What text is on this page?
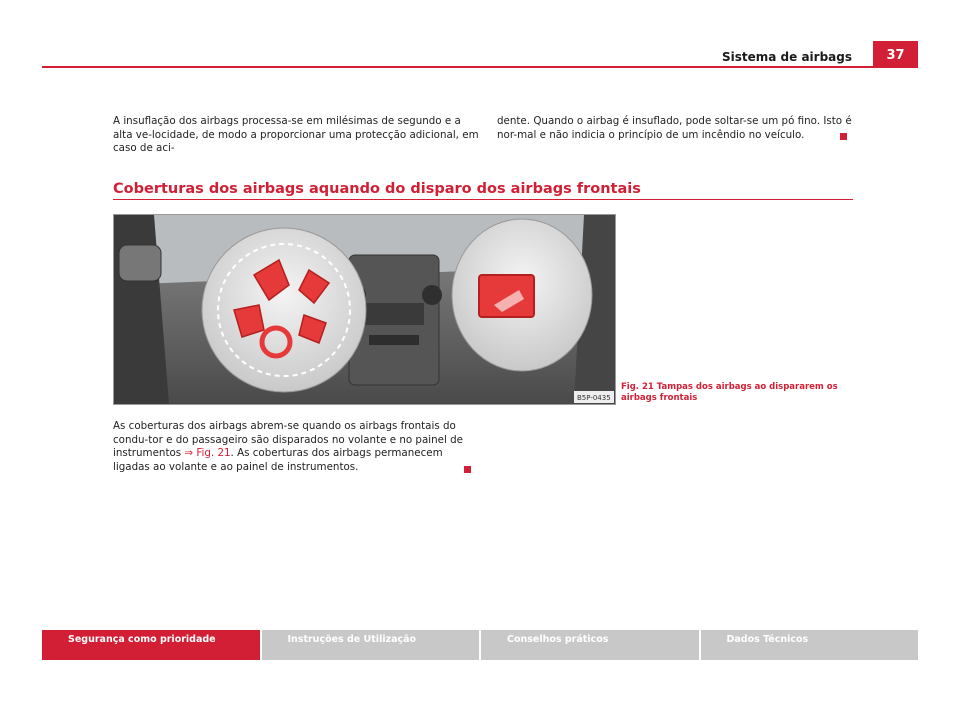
Sistema de airbags	37

A insuflação dos airbags processa-se em milésimas de segundo e a alta ve-locidade, de modo a proporcionar uma protecção adicional, em caso de aci-

dente. Quando o airbag é insuflado, pode soltar-se um pó fino. Isto é nor-mal e não indicia o princípio de um incêndio no veículo.

Coberturas dos airbags aquando do disparo dos airbags frontais
B5P-0435
Fig. 21 Tampas dos airbags ao dispararem os airbags frontais

As coberturas dos airbags abrem-se quando os airbags frontais do condu-tor e do passageiro são disparados no volante e no painel de instrumentos ⇒ Fig. 21. As coberturas dos airbags permanecem ligadas ao volante e ao painel de instrumentos.

Segurança como prioridade	Instruções de Utilização	Conselhos práticos	Dados Técnicos
